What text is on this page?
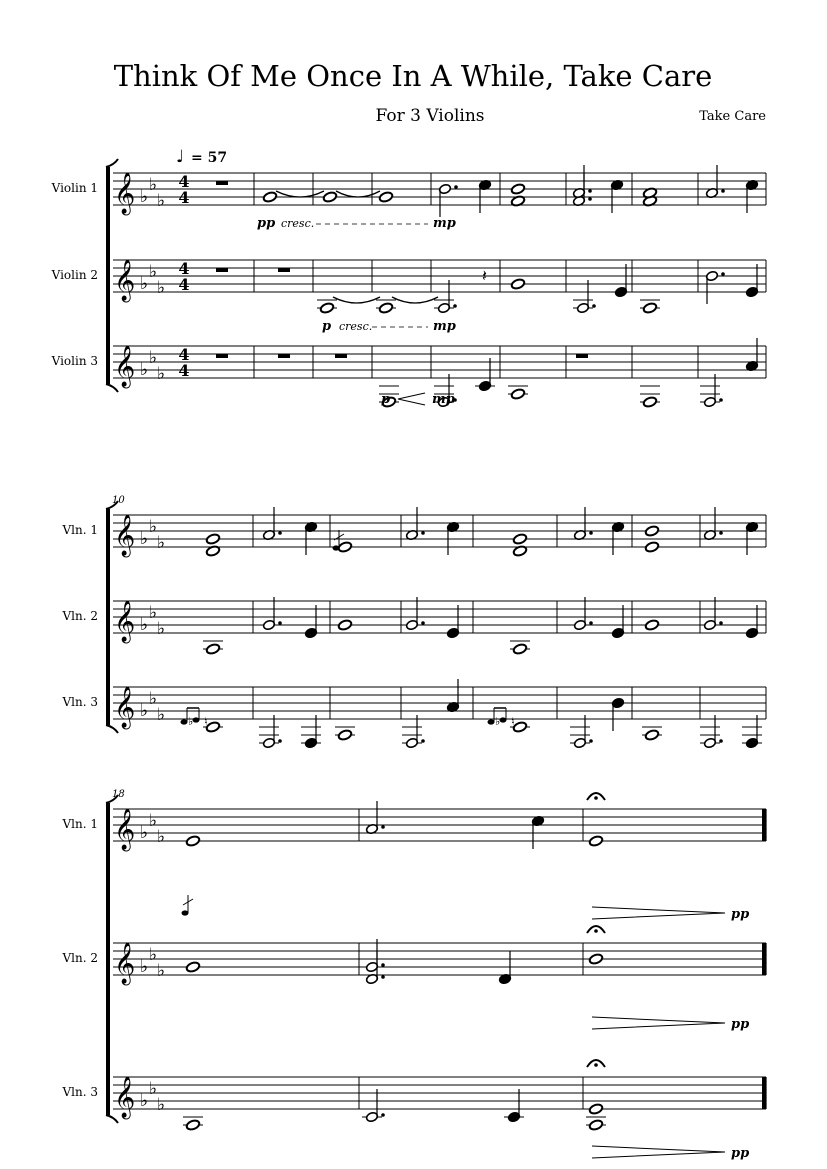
Think Of Me Once In A While, Take Care
For 3 Violins	Take Care
♩ = 57
Violin 1 𝄞 ♭
♭
♭
4
4
Violin 2 𝄞 ♭
♭
♭
4
4
Violin 3 𝄞 ♭
♭
♭
4
4
10
Vln. 1 𝄞 ♭
♭
♭
Vln. 2 𝄞 ♭
♭
♭
Vln. 3 𝄞 ♭
♭
♭
18
Vln. 1 𝄞 ♭
♭
♭
Vln. 2 𝄞 ♭
♭
♭
Vln. 3 𝄞 ♭
♭
♭
𝄽
pp cresc.	mp
p cresc.	mp
p	mp
♭ ♮	♭ ♮
pp
pp
pp
